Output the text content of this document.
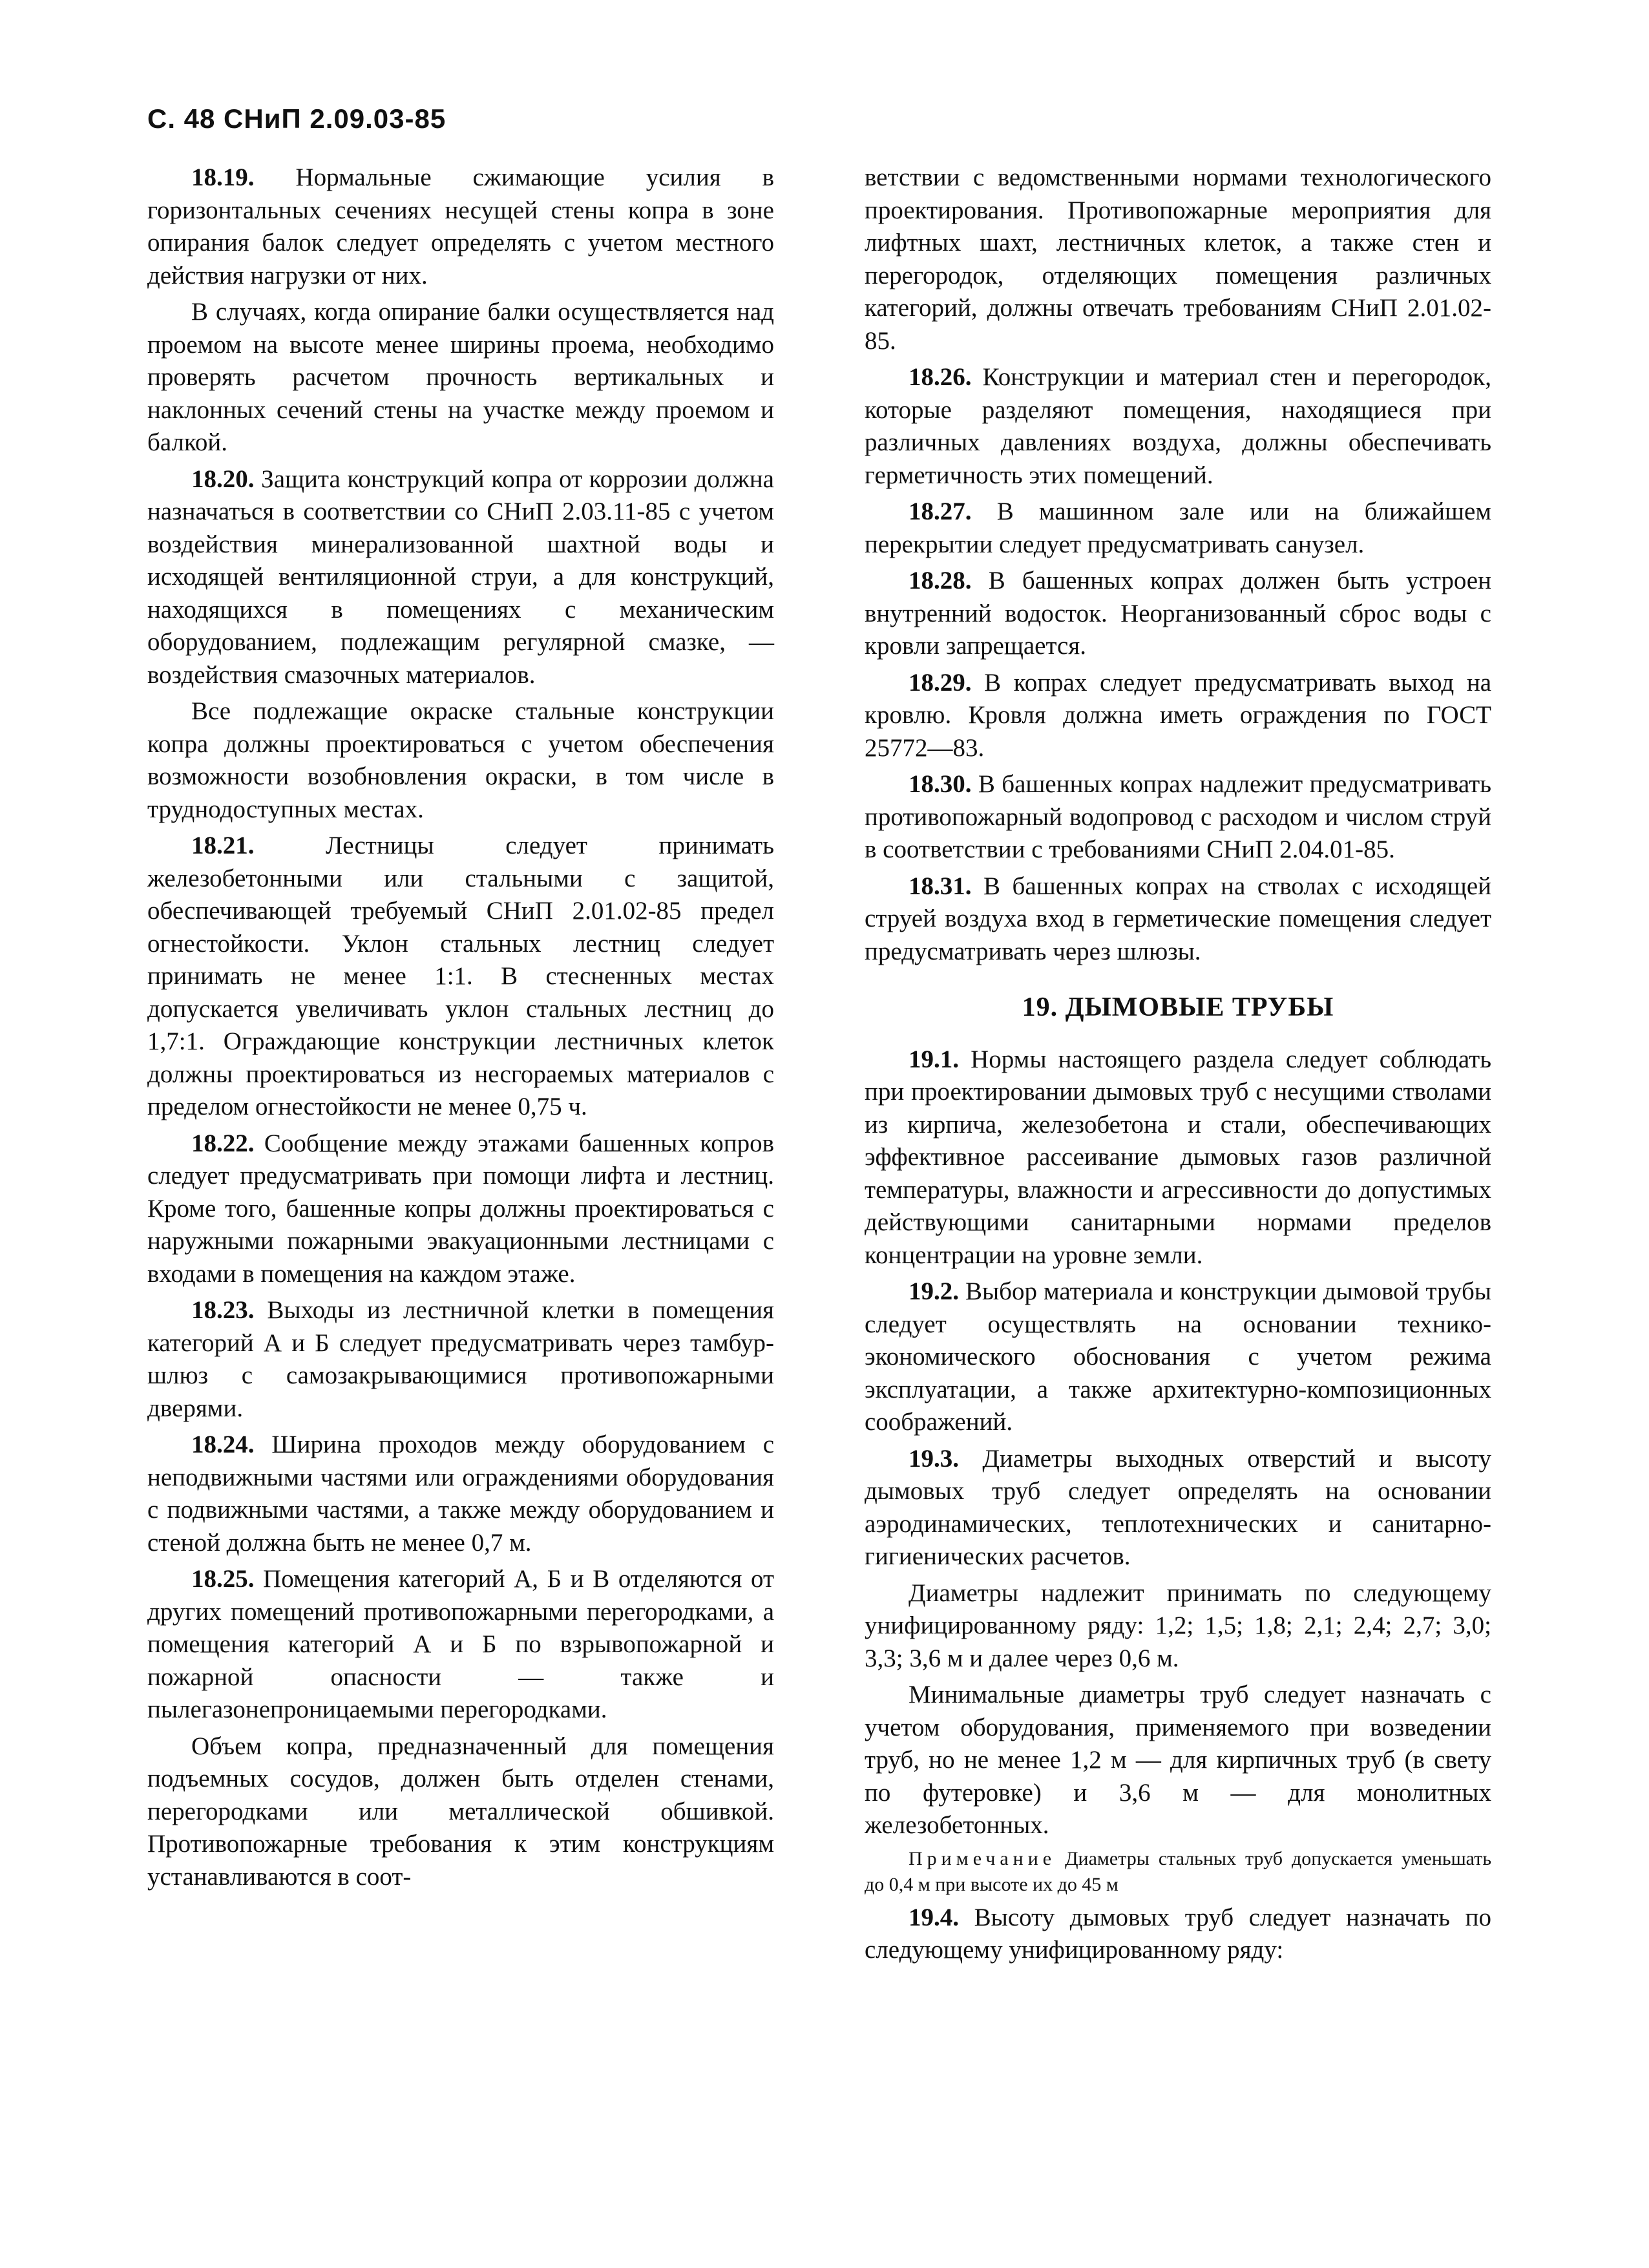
С. 48 СНиП 2.09.03-85

18.19. Нормальные сжимающие усилия в горизонтальных сечениях несущей стены копра в зоне опирания балок следует определять с учетом местного действия нагрузки от них.

В случаях, когда опирание балки осуществляется над проемом на высоте менее ширины проема, необходимо проверять расчетом прочность вертикальных и наклонных сечений стены на участке между проемом и балкой.

18.20. Защита конструкций копра от коррозии должна назначаться в соответствии со СНиП 2.03.11-85 с учетом воздействия минерализованной шахтной воды и исходящей вентиляционной струи, а для конструкций, находящихся в помещениях с механическим оборудованием, подлежащим регулярной смазке, — воздействия смазочных материалов.

Все подлежащие окраске стальные конструкции копра должны проектироваться с учетом обеспечения возможности возобновления окраски, в том числе в труднодоступных местах.

18.21.	Лестницы следует принимать железобетонными или стальными с защитой, обеспечивающей требуемый СНиП 2.01.02-85 предел огнестойкости. Уклон стальных лестниц следует принимать не менее 1:1. В стесненных местах допускается увеличивать уклон стальных лестниц до 1,7:1. Ограждающие конструкции лестничных клеток должны проектироваться из несгораемых материалов с пределом огнестойкости не менее 0,75 ч.

18.22. Сообщение между этажами башенных копров следует предусматривать при помощи лифта и лестниц. Кроме того, башенные копры должны проектироваться с наружными пожарными эвакуационными лестницами с входами в помещения на каждом этаже.

18.23. Выходы из лестничной клетки в помещения категорий А и Б следует предусматривать через тамбур-шлюз с самозакрывающимися противопожарными дверями.

18.24. Ширина проходов между оборудованием с неподвижными частями или ограждениями оборудования с подвижными частями, а также между оборудованием и стеной должна быть не менее 0,7 м.

18.25. Помещения категорий А, Б и В отделяются от других помещений противопожарными перегородками, а помещения категорий А и Б по взрывопожарной и пожарной опасности — также и пылегазонепроницаемыми перегородками.

Объем копра, предназначенный для помещения подъемных сосудов, должен быть отделен стенами, перегородками или металлической обшивкой. Противопожарные требования к этим конструкциям устанавливаются в соот-

ветствии с ведомственными нормами технологического проектирования. Противопожарные мероприятия для лифтных шахт, лестничных клеток, а также стен и перегородок, отделяющих помещения различных категорий, должны отвечать требованиям СНиП 2.01.02-85.

18.26. Конструкции и материал стен и перегородок, которые разделяют помещения, находящиеся при различных давлениях воздуха, должны обеспечивать герметичность этих помещений.

18.27. В машинном зале или на ближайшем перекрытии следует предусматривать санузел.

18.28. В башенных копрах должен быть устроен внутренний водосток. Неорганизованный сброс воды с кровли запрещается.

18.29. В копрах следует предусматривать выход на кровлю. Кровля должна иметь ограждения по ГОСТ 25772—83.

18.30. В башенных копрах надлежит предусматривать противопожарный водопровод с расходом и числом струй в соответствии с требованиями СНиП 2.04.01-85.

18.31. В башенных копрах на стволах с исходящей струей воздуха вход в герметические помещения следует предусматривать через шлюзы.

19. ДЫМОВЫЕ ТРУБЫ

19.1. Нормы настоящего раздела следует соблюдать при проектировании дымовых труб с несущими стволами из кирпича, железобетона и стали, обеспечивающих эффективное рассеивание дымовых газов различной температуры, влажности и агрессивности до допустимых действующими санитарными нормами пределов концентрации на уровне земли.

19.2. Выбор материала и конструкции дымовой трубы следует осуществлять на основании технико-экономического обоснования с учетом режима эксплуатации, а также архитектурно-композиционных соображений.

19.3. Диаметры выходных отверстий и высоту дымовых труб следует определять на основании аэродинамических, теплотехнических и санитарно-гигиенических расчетов.

Диаметры надлежит принимать по следующему унифицированному ряду: 1,2; 1,5; 1,8; 2,1; 2,4; 2,7; 3,0; 3,3; 3,6 м и далее через 0,6 м.

Минимальные диаметры труб следует назначать с учетом оборудования, применяемого при возведении труб, но не менее 1,2 м — для кирпичных труб (в свету по футеровке) и 3,6 м — для монолитных железобетонных.

Примечание Диаметры стальных труб допускается уменьшать до 0,4 м при высоте их до 45 м

19.4. Высоту дымовых труб следует назначать по следующему унифицированному ряду:
